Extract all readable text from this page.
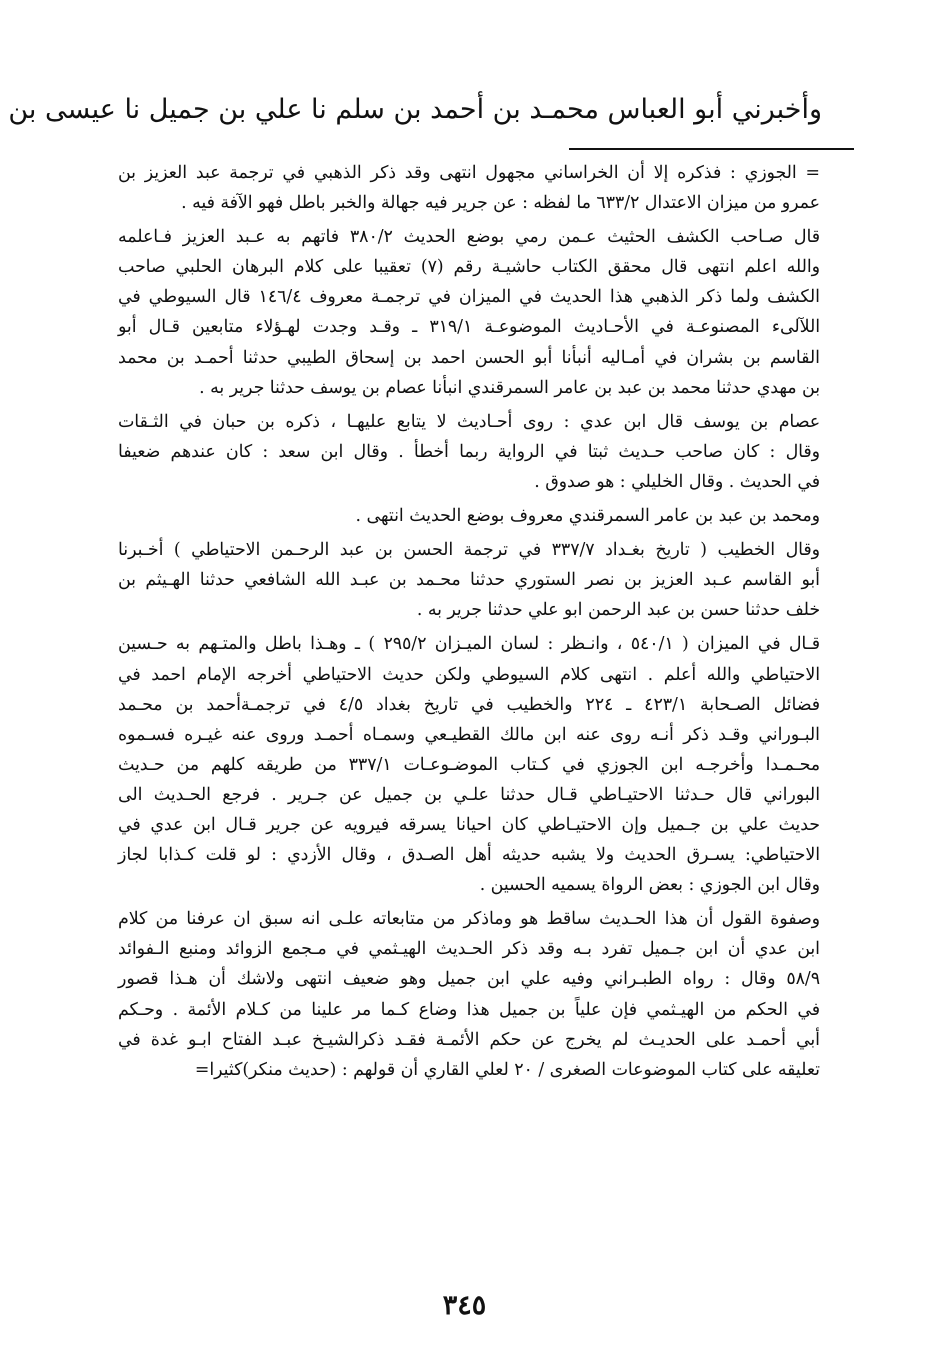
وأخبرني أبو العباس محمـد بن أحمد بن سلم نا علي بن جميل نا عيسى بن
= الجوزي : فذكره إلا أن الخراساني مجهول انتهى وقد ذكر الذهبي في ترجمة عبد العزيز بن
عمرو من ميزان الاعتدال ٦٣٣/٢ ما لفظه : عن جرير فيه جهالة والخبر باطل فهو الآفة فيه .
قال صـاحب الكشف الحثيث عـمن رمي بوضع الحديث ٣٨٠/٢ فاتهم به عـبد العزيز فـاعلمه
والله اعلم انتهى قال محقق الكتاب حاشيـة رقم (٧) تعقيبا على كلام البرهان الحلبي صاحب
الكشف ولما ذكر الذهبي هذا الحديث في الميزان في ترجمـة معروف ١٤٦/٤ قال السيوطي في
اللآلىء المصنوعـة في الأحـاديث الموضوعـة ٣١٩/١ ـ وقـد وجدت لهـؤلاء متابعين قـال أبو
القاسم بن بشران في أمـاليه أنبأنا أبو الحسن احمد بن إسحاق الطيبي حدثنا أحمـد بن محمد
بن مهدي حدثنا محمد بن عبد بن عامر السمرقندي انبأنا عصام بن يوسف حدثنا جرير به .
عصام بن يوسف قال ابن عدي : روى أحـاديث لا يتابع عليهـا ، ذكره بن حبان في الثـقات
وقال : كان صاحب حـديث ثبتا في الرواية ربما أخطأ . وقال ابن سعد : كان عندهم ضعيفا
في الحديث . وقال الخليلي : هو صدوق .
ومحمد بن عبد بن عامر السمرقندي معروف بوضع الحديث انتهى .
وقال الخطيب ( تاريخ بغـداد ٣٣٧/٧ في ترجمة الحسن بن عبد الرحـمن الاحتياطي ) أخـبرنا
أبو القاسم عـبد العزيز بن نصر الستوري حدثنا محـمد بن عبـد الله الشافعي حدثنا الهـيثم بن
خلف حدثنا حسن بن عبد الرحمن ابو علي حدثنا جرير به .
قـال في الميزان ( ٥٤٠/١ ، وانـظر : لسان الميـزان ٢٩٥/٢ ) ـ وهـذا باطل والمتـهم به حـسين
الاحتياطي والله أعلم . انتهى كلام السيوطي ولكن حديث الاحتياطي أخرجه الإمام احمد في
فضائل الصـحابة ٤٢٣/١ ـ ٢٢٤ والخطيب في تاريخ بغداد ٤/٥ في ترجمـةأحمد بن محـمد
البـوراني وقـد ذكر أنـه روى عنه ابن مالك القطيـعي وسمـاه أحمـد وروى عنه غيـره فسـموه
محـمـدا وأخرجـه ابن الجوزي في كـتاب الموضـوعـات ٣٣٧/١ من طريقه كلهم من حـديث
البوراني قال حـدثنا الاحتيـاطي قـال حدثنا علـي بن جميل عن جـرير . فرجع الحـديث الى
حديث علي بن جـميل وإن الاحتيـاطي كان احيانا يسرقه فيرويه عن جرير قـال ابن عدي في
الاحتياطي: يسـرق الحديث ولا يشبه حديثه أهل الصـدق ، وقال الأزدي : لو قلت كـذابا لجاز
وقال ابن الجوزي : بعض الرواة يسميه الحسين .
وصفوة القول أن هذا الحـديث ساقط هو وماذكر من متابعاته علـى انه سبق ان عرفنا من كلام
ابن عدي أن ابن جـميل تفرد بـه وقد ذكر الحـديث الهيـثمي في مـجمع الزوائد ومنبع الـفوائد
٥٨/٩ وقال : رواه الطبـراني وفيه علي ابن جميل وهو ضعيف انتهى ولاشك أن هـذا قصور
في الحكم من الهيـثمي فإن علياً بن جميل هذا وضاع كـما مر علينا من كـلام الأئمة . وحـكم
أبي أحمـد على الحديـث لم يخرج عن حكم الأئمـة فقـد ذكرالشيـخ عبـد الفتاح ابـو غدة في
تعليقه على كتاب الموضوعات الصغرى / ٢٠ لعلي القاري أن قولهم : (حديث منكر)كثيرا=
٣٤٥
